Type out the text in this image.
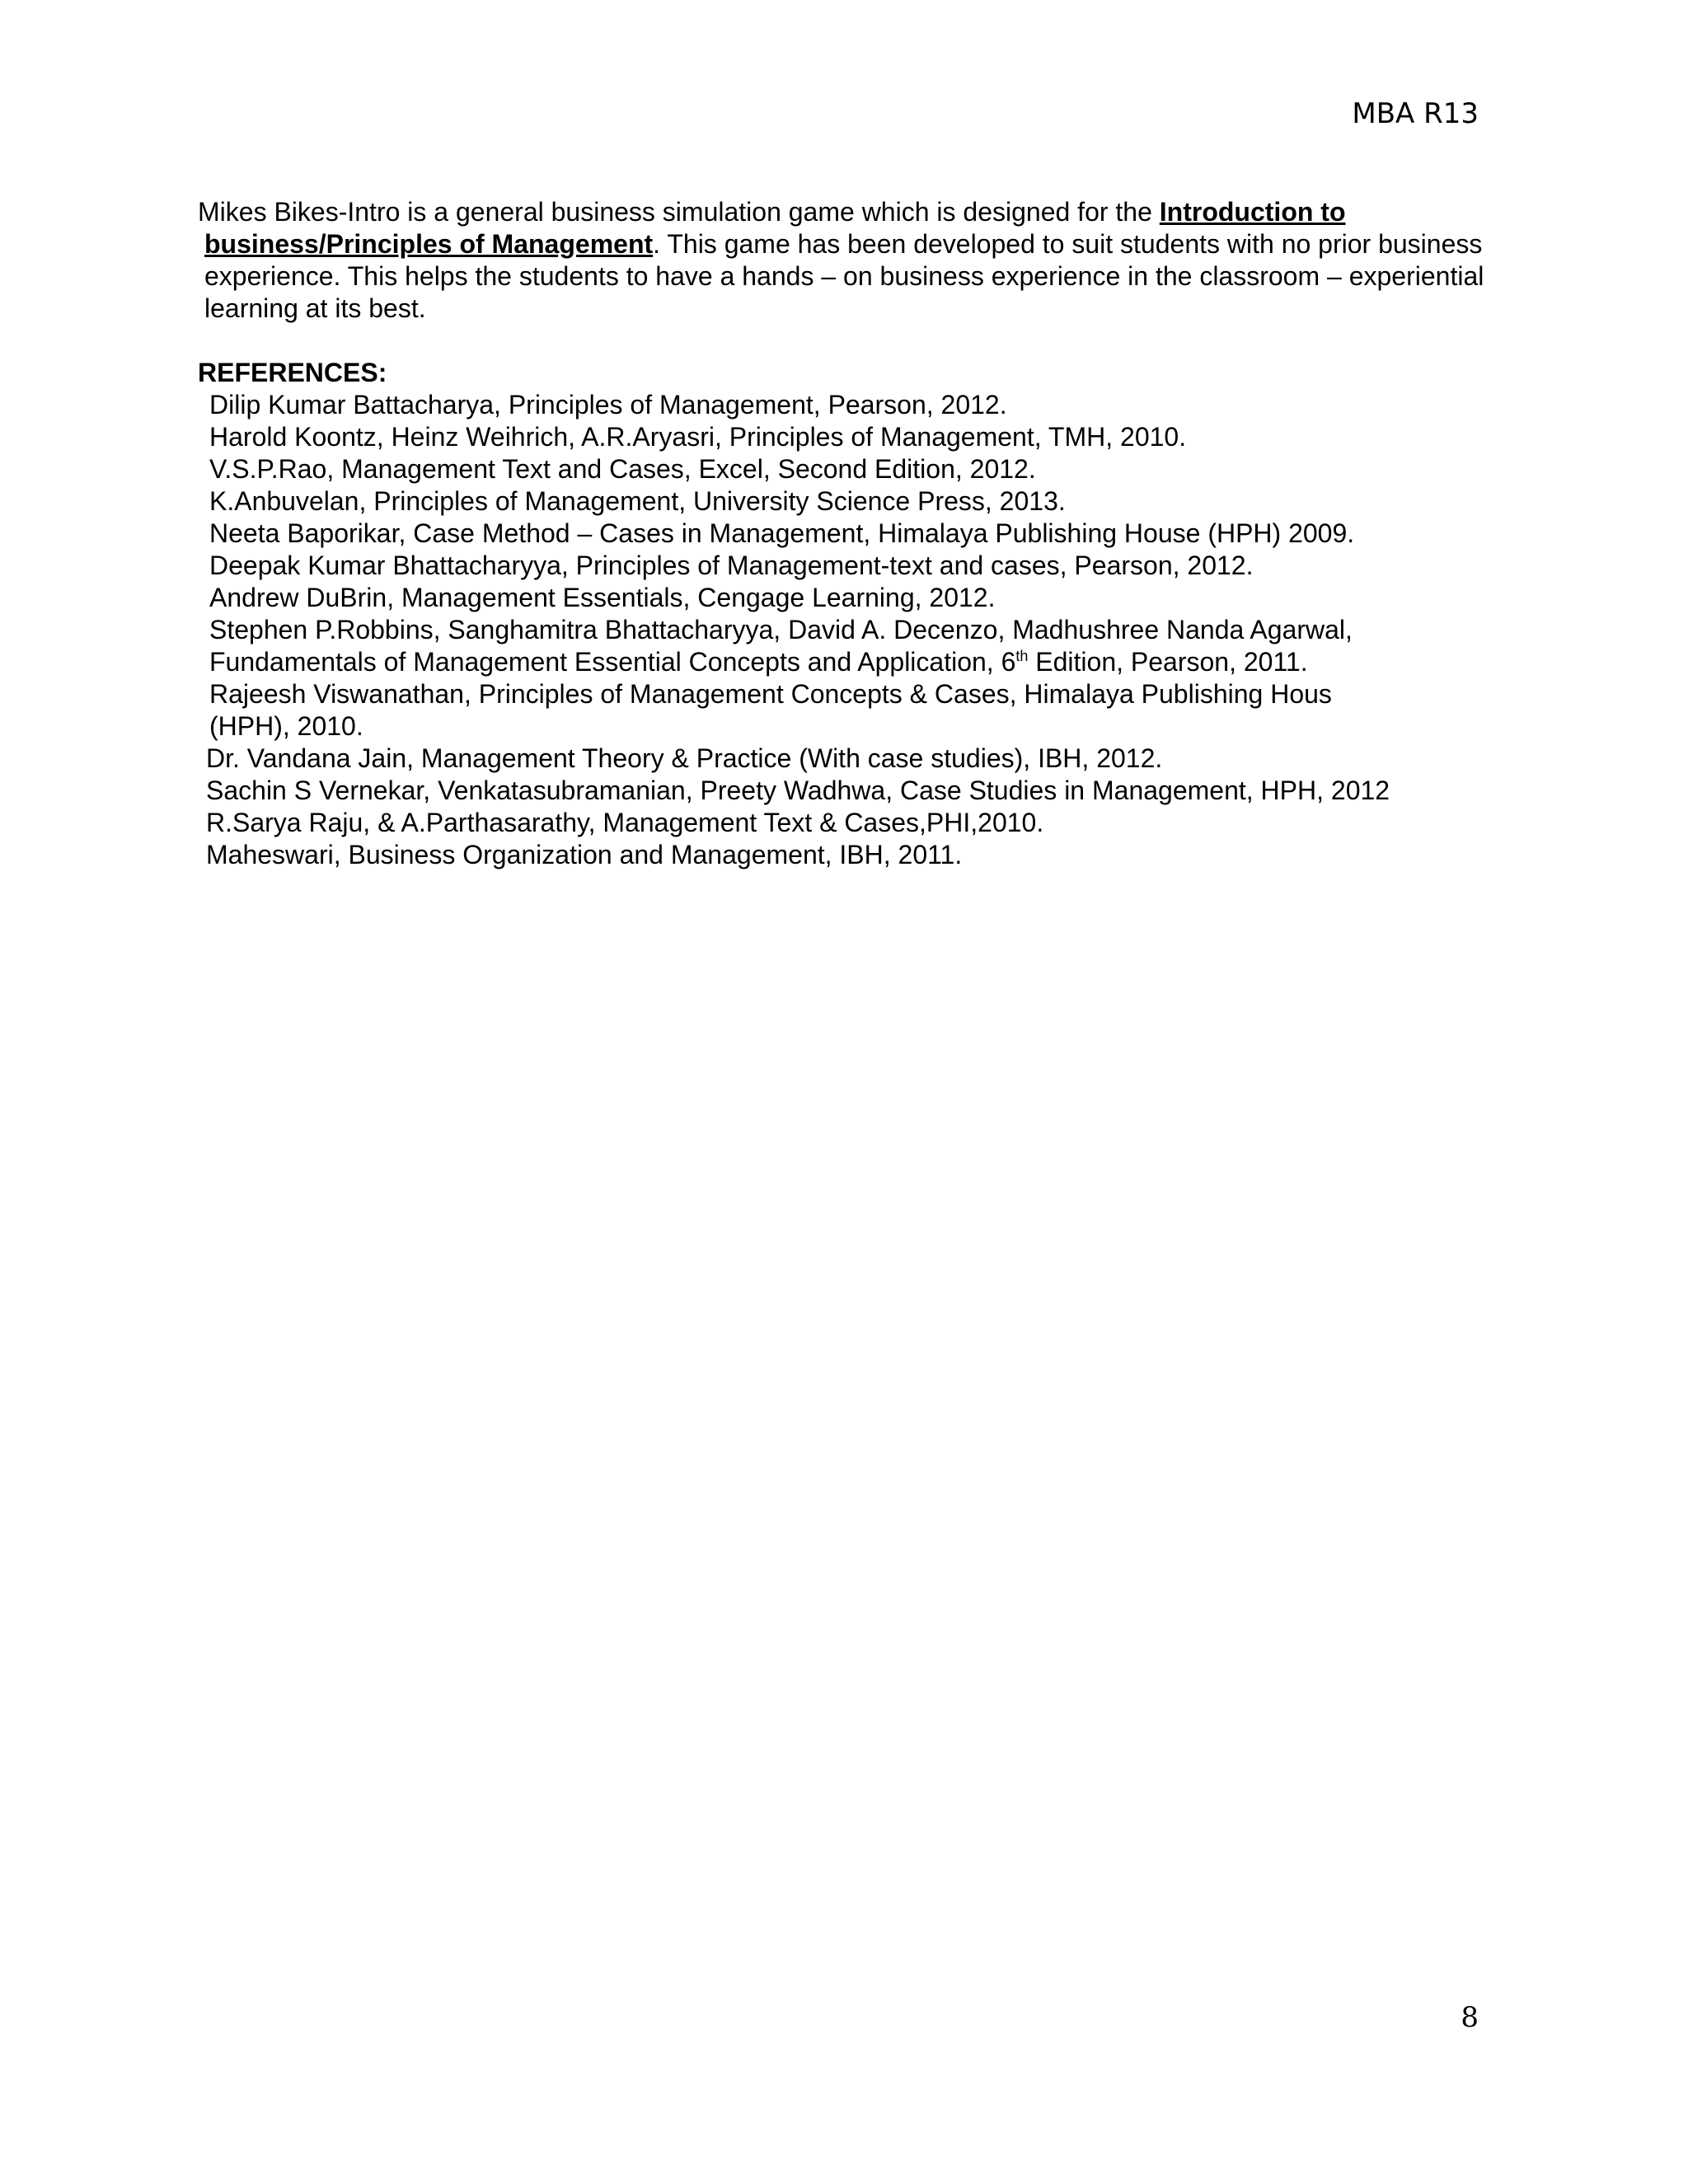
MBA R13

Mikes Bikes-Intro is a general business simulation game which is designed for the Introduction to business/Principles of Management. This game has been developed to suit students with no prior business experience. This helps the students to have a hands – on business experience in the classroom – experiential learning at its best.

REFERENCES:
Dilip Kumar Battacharya, Principles of Management, Pearson, 2012.
Harold Koontz, Heinz Weihrich, A.R.Aryasri, Principles of Management, TMH, 2010.
V.S.P.Rao, Management Text and Cases, Excel, Second Edition, 2012.
K.Anbuvelan, Principles of Management, University Science Press, 2013.
Neeta Baporikar, Case Method – Cases in Management, Himalaya Publishing House (HPH) 2009.
Deepak Kumar Bhattacharyya, Principles of Management-text and cases, Pearson, 2012.
Andrew DuBrin, Management Essentials, Cengage Learning, 2012.
Stephen P.Robbins, Sanghamitra Bhattacharyya, David A. Decenzo, Madhushree Nanda Agarwal,
Fundamentals of Management Essential Concepts and Application, 6th Edition, Pearson, 2011.
Rajeesh Viswanathan, Principles of Management Concepts & Cases, Himalaya Publishing Hous
(HPH), 2010.
Dr. Vandana Jain, Management Theory & Practice (With case studies), IBH, 2012.
Sachin S Vernekar, Venkatasubramanian, Preety Wadhwa, Case Studies in Management, HPH, 2012
R.Sarya Raju, & A.Parthasarathy, Management Text & Cases,PHI,2010.
Maheswari, Business Organization and Management, IBH, 2011.
8
